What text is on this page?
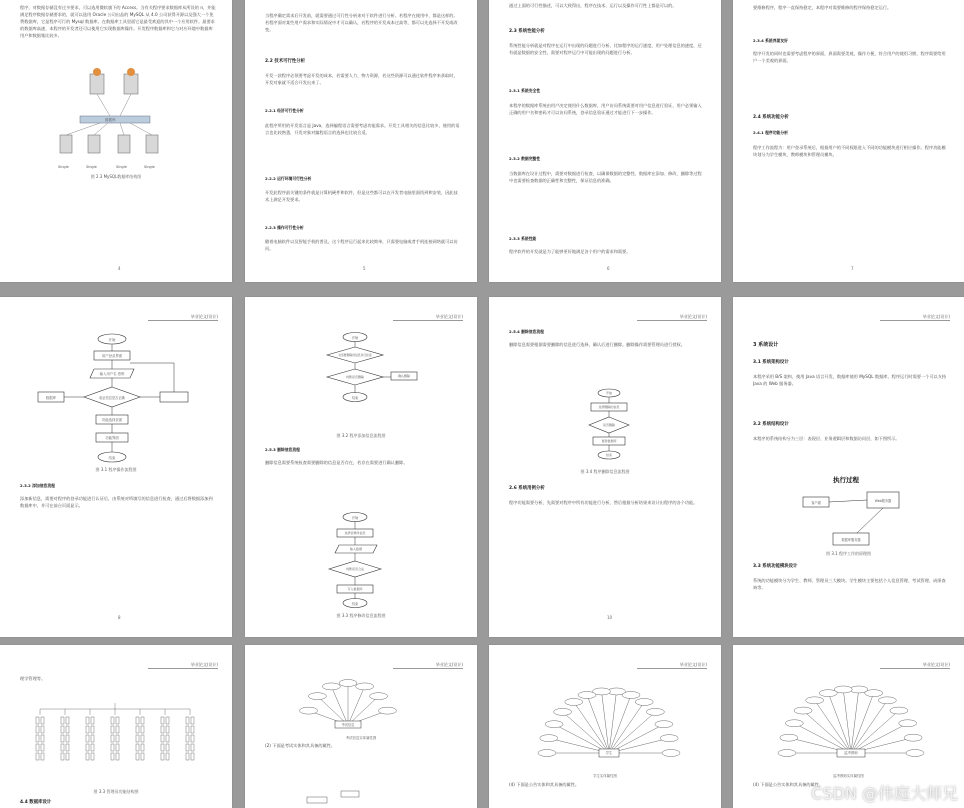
程序，对数据存储没有过多要求，可以选用微软旗下的 Access。当有关程序要求数据库从所设的 n，并能满足程序数据存储要求的，就可以选用 Oracle 公司出品的 MySQL 从 4.0 公司获得开源以及强大一个免费数据库，它是程序可行的 Mysql 数据库。在数据库工具里面它是最受欢迎的其中一个应用软件。最要求的数据库高速、本程序的开发者还可以使用它实现数据库操作。开发程序数据库和它与对应环境中数据库用户和数据集比较多。
数据库
Single	Single	Single	Single
图 2.3 MySQL数据库结构图
4
当程序确定需求后开发前，就需要通过可行性分析来对于软件进行分析。若程序在使用中，都是这样的。若程序面对某些用户需求和实际情况中才可以确认，若程序的开发成本过高等，都可以先选择不开发或改变。
2.2 技术可行性分析
开发一款程序必须要考虑开发的成本，若需要人力、物力资源，若这些资源可以通过软件程序来获取时，开发对象就不适合开发出来了。
2.2.1 经济可行性分析
此程序所用的开发语言是 Java，选择编程语言需要考虑功能需求。开发工具相关的信息比较多，使用的语言也比较熟悉，开发对象对编程语言的选择也比较合适。
2.2.2 运行环境可行性分析
开发此程序最关键的条件就是计算机硬件和软件，但是这些都可以在开发者电脑里面找到和安装，因此技术上满足开发要求。
2.2.3 操作可行性分析
随着电脑软件以及智能手机的普及，这个程序运行起来比较简单，只需要电脑或者手机连接网络就可以访问。
5
通过上面的可行性描述，可以大致得出，程序在技术、运行以及操作可行性上都是可以的。
2.3 系统性能分析
系统性能分析就是对程序在运行中出现的问题进行分析，比如程序的运行速度，用户处理信息的速度，还有就是数据的安全性，需要对程序运行中可能出现的问题进行分析。
2.3.1 系统安全性
本程序的数据库系统由用户决定使用什么数据库，用户访问系统需要对用户信息进行验证，用户必须输入正确的用户名和密码才可以访问系统，登录信息验证通过才能进行下一步操作。
2.3.2 数据完整性
当数据库在设计过程中，需要对数据进行检查，以确保数据的完整性。数据库在添加、修改、删除等过程中也需要检查数据的正确性和完整性，保证信息的准确。
2.3.3 系统性能
程序软件的开发就是为了能够更好地满足各个用户的需求和需要。
6
要维修程序，程序一直保持稳定，本程序对需要维修的程序保持稳定运行。
2.3.4 系统界面友好
程序开发的同时也需要考虑程序的界面，界面需要美观，操作方便，符合用户的使用习惯，程序需要给用户一个美观的界面。
2.4 系统功能分析
2.4.1 程序功能分析
程序工作流程为：用户登录系统后，根据用户的不同权限进入不同的功能模块进行相应操作。程序功能模块划分为学生模块、教师模块和管理员模块。
7
毕业论文(设计)
开始
用户登录界面
输入用户名 密码
验证信息是否正确
数据库
功能选择页面
功能界面
结束
图 3.1 程序操作流程图
2.3.2 添加信息流程
添加新信息，需要对程序的登录功能进行认证后，由系统对所填写的信息进行检查，通过后将数据添加到数据库中，并可在前台页面显示。
8
毕业论文(设计)
开始
对需要删除的信息进行检查
判断是否删除	确认删除
结束
图 3.2 程序添加信息流程图
2.5.3 删除信息流程
删除信息需要系统检查需要删除的信息是否存在，若存在需要进行确认删除。
开始
选择需修改信息
输入数据
判断是否合法
写入数据库
结束
图 3.3 程序修改信息流程图
毕业论文(设计)
2.5.4 删除信息流程
删除信息需要根据需要删除的信息进行选择，确认后进行删除。删除操作需要管理员进行授权。
开始
选择删除的信息
是否删除
更新数据库
结束
图 3.4 程序删除信息流程图
2.6 系统用例分析
程序功能需要分析，先需要对程序中所有功能进行分析，然后根据分析结果来设计出程序的各个功能。
10
毕业论文(设计)
3 系统设计
3.1 系统架构设计
本程序采用 B/S 架构，使用 Java 语言开发，数据库使用 MySQL 数据库。程序运行时需要一个可以支持 Java 的 Web 服务器。
3.2 系统结构设计
本程序的系统结构分为三层：表现层、业务逻辑层和数据访问层，如下图所示。
执行过程
客户端	Web服务器
数据库服务器
图 3.1 程序工作的原理图
3.3 系统功能模块设计
系统的功能模块分为学生、教师、管理员三大模块。学生模块主要包括个人信息管理、考试管理、成绩查询等。
毕业论文(设计)
理学管理等。
图 3.3 管理员功能结构图
4.4 数据库设计
毕业论文(设计)
考试信息
考试信息实体属性图
(2) 下面是考试实体和其具备的属性。
毕业论文(设计)
学生
学生实体属性图
(4) 下面是公告实体和其具备的属性。
毕业论文(设计)
监考教师
监考教师实体属性图
(4) 下面是公告实体和其具备的属性。
CSDN @伟庭大师兄
